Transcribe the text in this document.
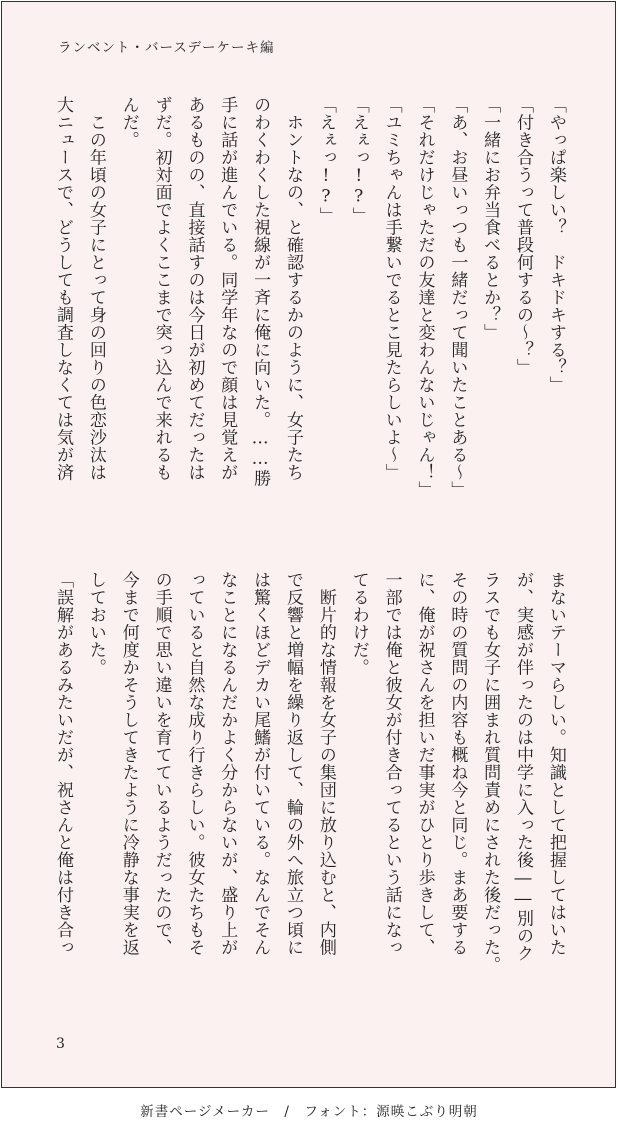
ランベント・バースデーケーキ編
「やっぱ楽しい？　ドキドキする？」
「付き合うって普段何するの〜？」
「一緒にお弁当食べるとか？」
「あ、お昼いっつも一緒だって聞いたことある〜」
「それだけじゃただの友達と変わんないじゃん！」
「ユミちゃんは手繋いでるとこ見たらしいよ〜」
「えぇっ!?」
「えぇっ!?」
　ホントなの、と確認するかのように、女子たち
のわくわくした視線が一斉に俺に向いた。……勝
手に話が進んでいる。同学年なので顔は見覚えが
あるものの、直接話すのは今日が初めてだったは
ずだ。初対面でよくここまで突っ込んで来れるも
んだ。
　この年頃の女子にとって身の回りの色恋沙汰は
大ニュースで、どうしても調査しなくては気が済
まないテーマらしい。知識として把握してはいた
が、実感が伴ったのは中学に入った後――別のク
ラスでも女子に囲まれ質問責めにされた後だった。
その時の質問の内容も概ね今と同じ。まあ要する
に、俺が祝さんを担いだ事実がひとり歩きして、
一部では俺と彼女が付き合ってるという話になっ
てるわけだ。
　断片的な情報を女子の集団に放り込むと、内側
で反響と増幅を繰り返して、輪の外へ旅立つ頃に
は驚くほどデカい尾鰭が付いている。なんでそん
なことになるんだかよく分からないが、盛り上が
っていると自然な成り行きらしい。彼女たちもそ
の手順で思い違いを育てているようだったので、
今まで何度かそうしてきたように冷静な事実を返
しておいた。
「誤解があるみたいだが、祝さんと俺は付き合っ
3
新書ページメーカー　/　フォント：源暎こぶり明朝
